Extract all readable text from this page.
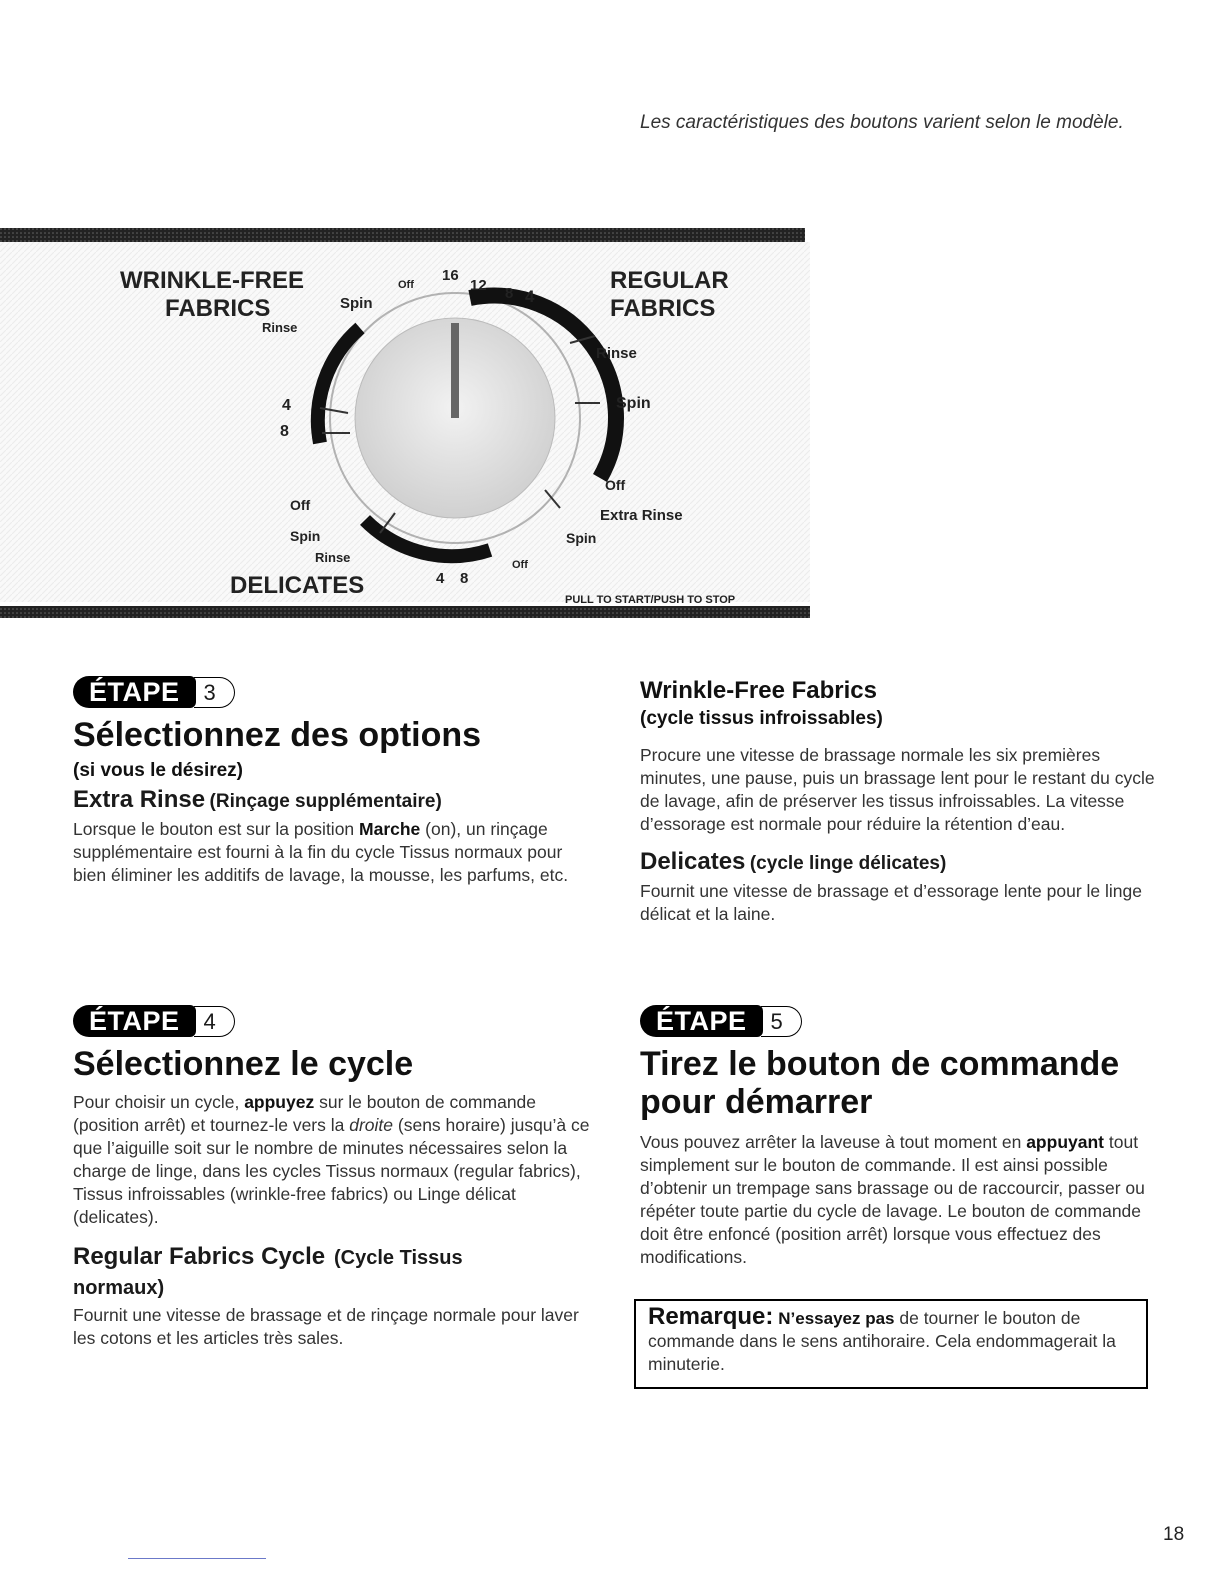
Les caractéristiques des boutons varient selon le modèle.
WRINKLE-FREE
FABRICS
REGULAR
FABRICS
DELICATES
PULL TO START/PUSH TO STOP
Spin
Rinse
Off
16
12 8 4
Rinse
Spin
Off
Extra Rinse
Spin
Off
4
8
Off
Spin
Rinse
4 8
ÉTAPE	3
Sélectionnez des options
(si vous le désirez)
Extra Rinse (Rinçage supplémentaire)

Lorsque le bouton est sur la position Marche (on), un rinçage supplémentaire est fourni à la fin du cycle Tissus normaux pour bien éliminer les additifs de lavage, la mousse, les parfums, etc.

Wrinkle-Free Fabrics
(cycle tissus infroissables)

Procure une vitesse de brassage normale les six premières minutes, une pause, puis un brassage lent pour le restant du cycle de lavage, afin de préserver les tissus infroissables. La vitesse d’essorage est normale pour réduire la rétention d’eau.

Delicates (cycle linge délicates)

Fournit une vitesse de brassage et d’essorage lente pour le linge délicat et la laine.

ÉTAPE	4
Sélectionnez le cycle

Pour choisir un cycle, appuyez sur le bouton de commande (position arrêt) et tournez-le vers la droite (sens horaire) jusqu’à ce que l’aiguille soit sur le nombre de minutes nécessaires selon la charge de linge, dans les cycles Tissus normaux (regular fabrics), Tissus infroissables (wrinkle-free fabrics) ou Linge délicat (delicates).

Regular Fabrics Cycle (Cycle Tissus
normaux)

Fournit une vitesse de brassage et de rinçage normale pour laver les cotons et les articles très sales.

ÉTAPE	5
Tirez le bouton de commande
pour démarrer

Vous pouvez arrêter la laveuse à tout moment en appuyant tout simplement sur le bouton de commande. Il est ainsi possible d’obtenir un trempage sans brassage ou de raccourcir, passer ou répéter toute partie du cycle de lavage. Le bouton de commande doit être enfoncé (position arrêt) lorsque vous effectuez des modifications.

Remarque: N’essayez pas de tourner le bouton de commande dans le sens antihoraire. Cela endommagerait la minuterie.

18
